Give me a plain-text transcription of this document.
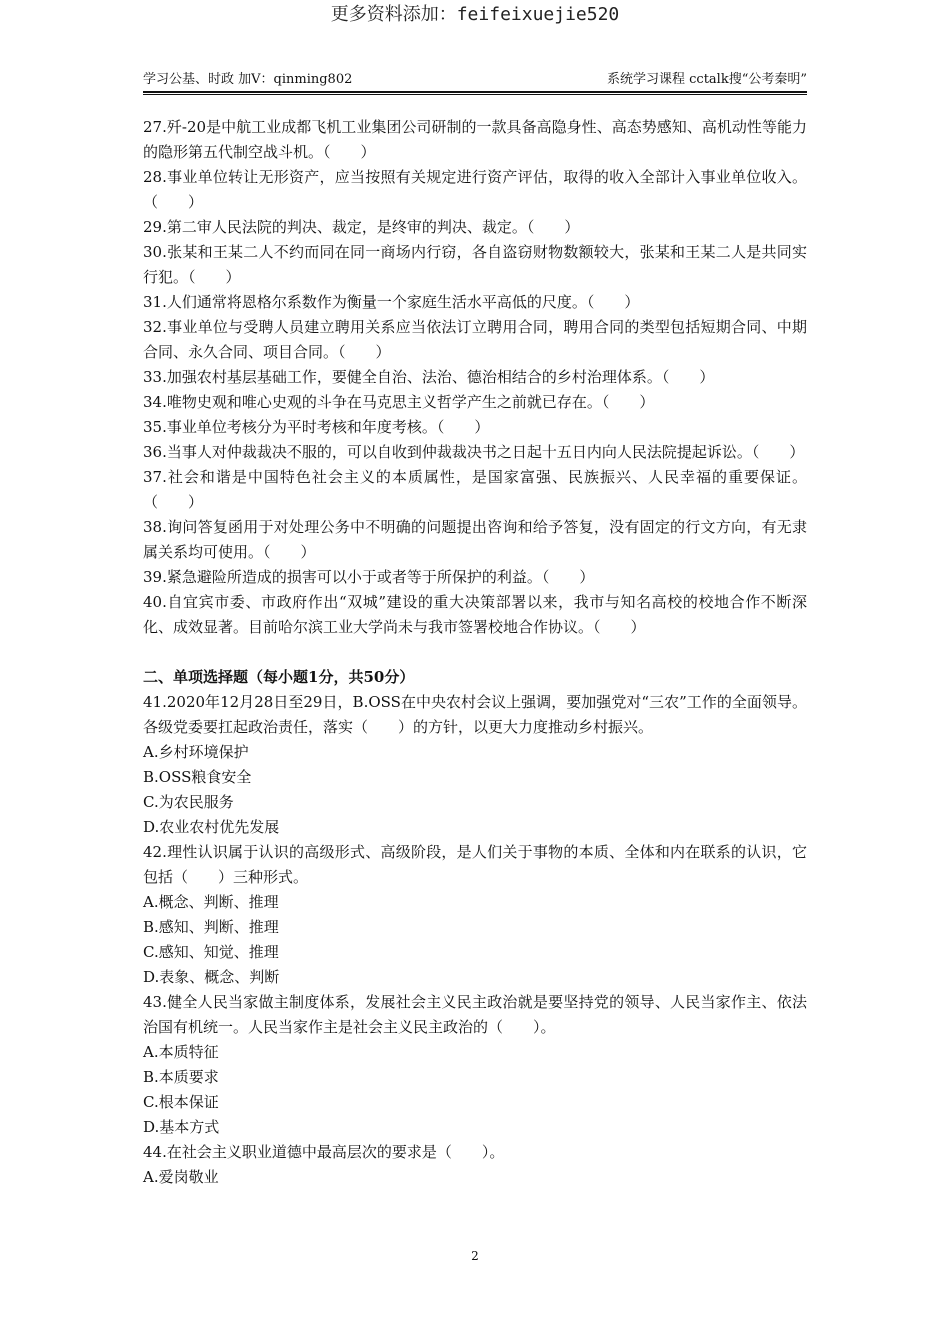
更多资料添加：feifeixuejie520
学习公基、时政 加V：qinming802	系统学习课程 cctalk搜“公考秦明”

27.歼-20是中航工业成都飞机工业集团公司研制的一款具备高隐身性、高态势感知、高机动性等能力的隐形第五代制空战斗机。（　　）

28.事业单位转让无形资产，应当按照有关规定进行资产评估，取得的收入全部计入事业单位收入。（　　）

29.第二审人民法院的判决、裁定，是终审的判决、裁定。（　　）

30.张某和王某二人不约而同在同一商场内行窃，各自盗窃财物数额较大，张某和王某二人是共同实行犯。（　　）

31.人们通常将恩格尔系数作为衡量一个家庭生活水平高低的尺度。（　　）

32.事业单位与受聘人员建立聘用关系应当依法订立聘用合同，聘用合同的类型包括短期合同、中期合同、永久合同、项目合同。（　　）

33.加强农村基层基础工作，要健全自治、法治、德治相结合的乡村治理体系。（　　）

34.唯物史观和唯心史观的斗争在马克思主义哲学产生之前就已存在。（　　）

35.事业单位考核分为平时考核和年度考核。（　　）

36.当事人对仲裁裁决不服的，可以自收到仲裁裁决书之日起十五日内向人民法院提起诉讼。（　　）

37.社会和谐是中国特色社会主义的本质属性，是国家富强、民族振兴、人民幸福的重要保证。（　　）

38.询问答复函用于对处理公务中不明确的问题提出咨询和给予答复，没有固定的行文方向，有无隶属关系均可使用。（　　）

39.紧急避险所造成的损害可以小于或者等于所保护的利益。（　　）

40.自宜宾市委、市政府作出“双城”建设的重大决策部署以来，我市与知名高校的校地合作不断深化、成效显著。目前哈尔滨工业大学尚未与我市签署校地合作协议。（　　）

二、单项选择题（每小题1分，共50分）

41.2020年12月28日至29日，B.OSS在中央农村会议上强调，要加强党对“三农”工作的全面领导。各级党委要扛起政治责任，落实（　　）的方针，以更大力度推动乡村振兴。

A.乡村环境保护

B.OSS粮食安全

C.为农民服务

D.农业农村优先发展

42.理性认识属于认识的高级形式、高级阶段，是人们关于事物的本质、全体和内在联系的认识，它包括（　　）三种形式。

A.概念、判断、推理

B.感知、判断、推理

C.感知、知觉、推理

D.表象、概念、判断

43.健全人民当家做主制度体系，发展社会主义民主政治就是要坚持党的领导、人民当家作主、依法治国有机统一。人民当家作主是社会主义民主政治的（　　）。

A.本质特征

B.本质要求

C.根本保证

D.基本方式

44.在社会主义职业道德中最高层次的要求是（　　）。

A.爱岗敬业

2
